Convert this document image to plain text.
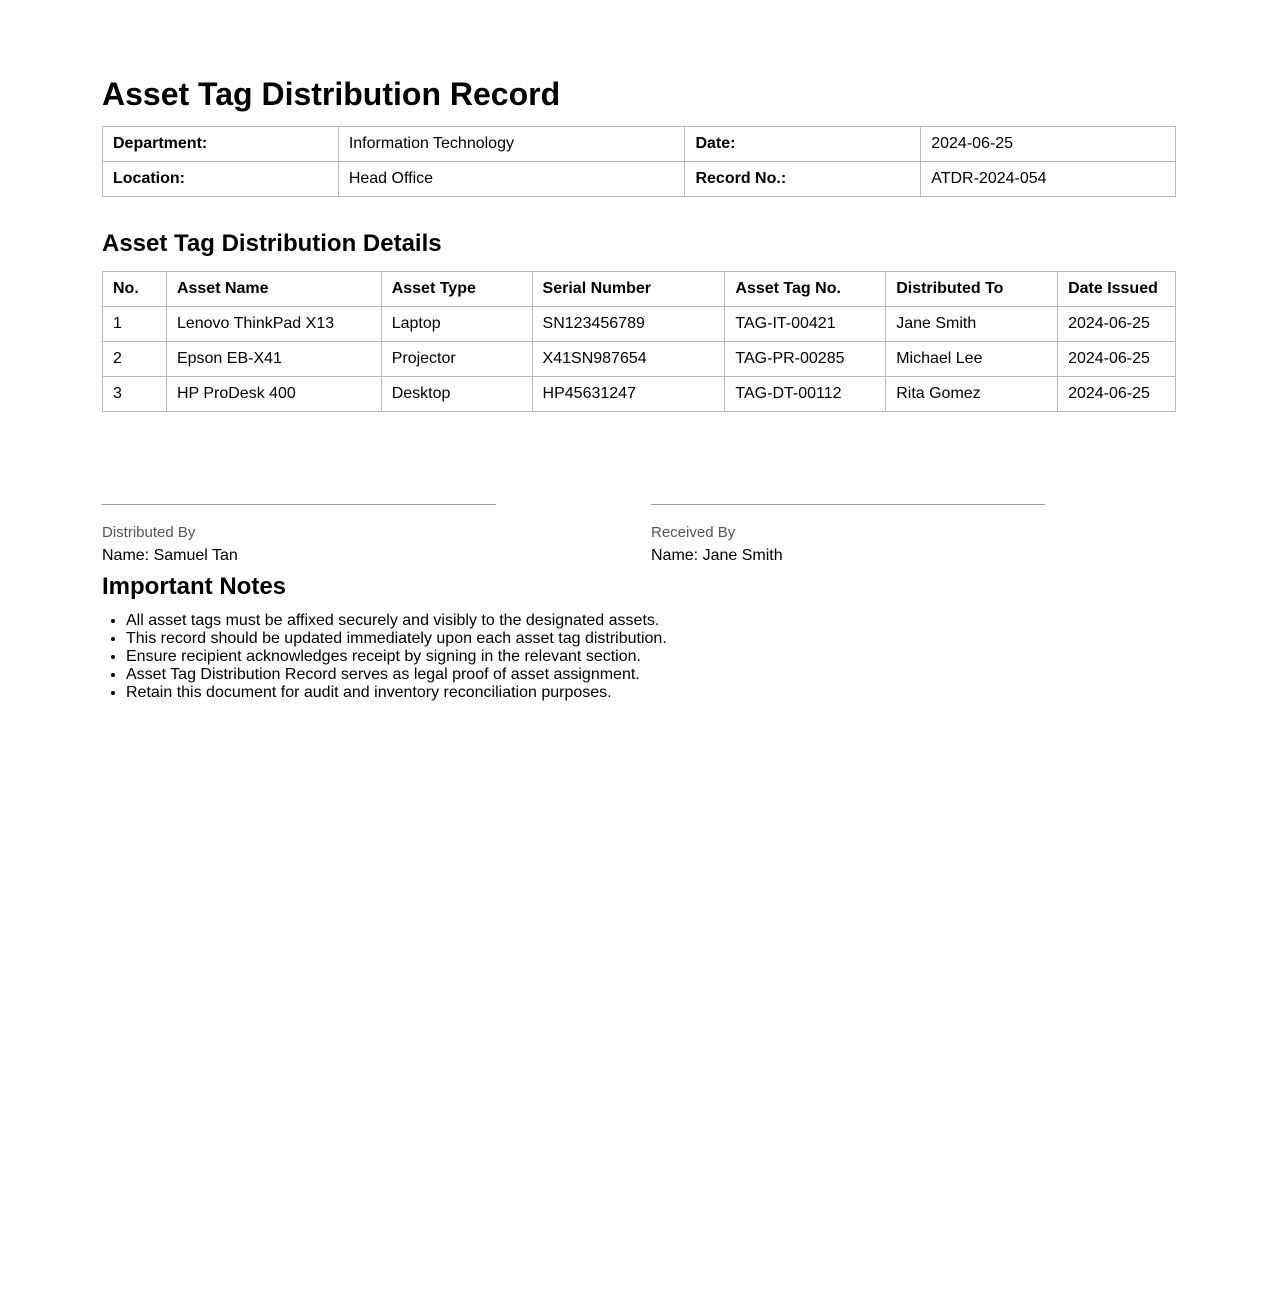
Asset Tag Distribution Record
Department:	Information Technology	Date:	2024-06-25
Location:	Head Office	Record No.:	ATDR-2024-054
Asset Tag Distribution Details
No.	Asset Name	Asset Type	Serial Number	Asset Tag No.	Distributed To	Date Issued
1	Lenovo ThinkPad X13	Laptop	SN123456789	TAG-IT-00421	Jane Smith	2024-06-25
2	Epson EB-X41	Projector	X41SN987654	TAG-PR-00285	Michael Lee	2024-06-25
3	HP ProDesk 400	Desktop	HP45631247	TAG-DT-00112	Rita Gomez	2024-06-25
Distributed By
Name: Samuel Tan
Received By
Name: Jane Smith
Important Notes
• All asset tags must be affixed securely and visibly to the designated assets.
• This record should be updated immediately upon each asset tag distribution.
• Ensure recipient acknowledges receipt by signing in the relevant section.
• Asset Tag Distribution Record serves as legal proof of asset assignment.
• Retain this document for audit and inventory reconciliation purposes.
